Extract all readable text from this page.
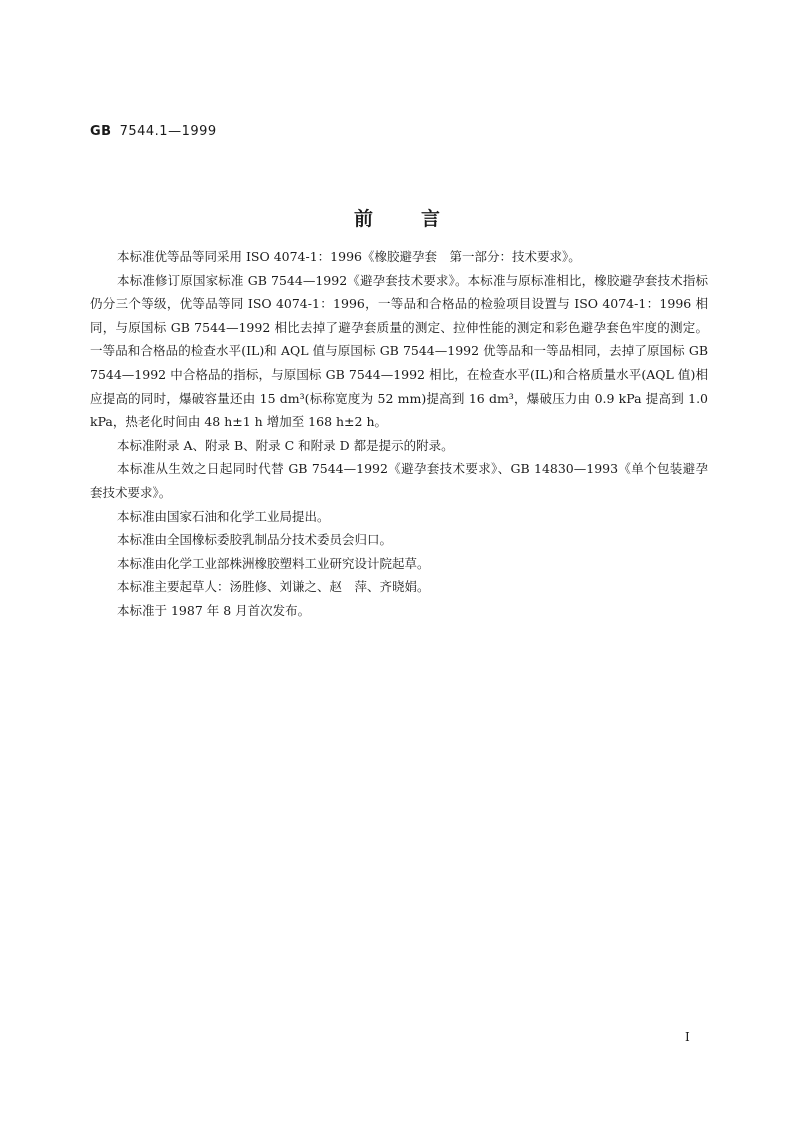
GB 7544.1—1999
前言

本标准优等品等同采用 ISO 4074-1：1996《橡胶避孕套　第一部分：技术要求》。

本标准修订原国家标准 GB 7544—1992《避孕套技术要求》。本标准与原标准相比，橡胶避孕套技术指标仍分三个等级，优等品等同 ISO 4074-1：1996，一等品和合格品的检验项目设置与 ISO 4074-1：1996 相同，与原国标 GB 7544—1992 相比去掉了避孕套质量的测定、拉伸性能的测定和彩色避孕套色牢度的测定。一等品和合格品的检查水平(IL)和 AQL 值与原国标 GB 7544—1992 优等品和一等品相同，去掉了原国标 GB 7544—1992 中合格品的指标，与原国标 GB 7544—1992 相比，在检查水平(IL)和合格质量水平(AQL 值)相应提高的同时，爆破容量还由 15 dm³(标称宽度为 52 mm)提高到 16 dm³，爆破压力由 0.9 kPa 提高到 1.0 kPa，热老化时间由 48 h±1 h 增加至 168 h±2 h。

本标准附录 A、附录 B、附录 C 和附录 D 都是提示的附录。

本标准从生效之日起同时代替 GB 7544—1992《避孕套技术要求》、GB 14830—1993《单个包装避孕套技术要求》。

本标准由国家石油和化学工业局提出。

本标准由全国橡标委胶乳制品分技术委员会归口。

本标准由化学工业部株洲橡胶塑料工业研究设计院起草。

本标准主要起草人：汤胜修、刘谦之、赵　萍、齐晓娟。

本标准于 1987 年 8 月首次发布。

I
